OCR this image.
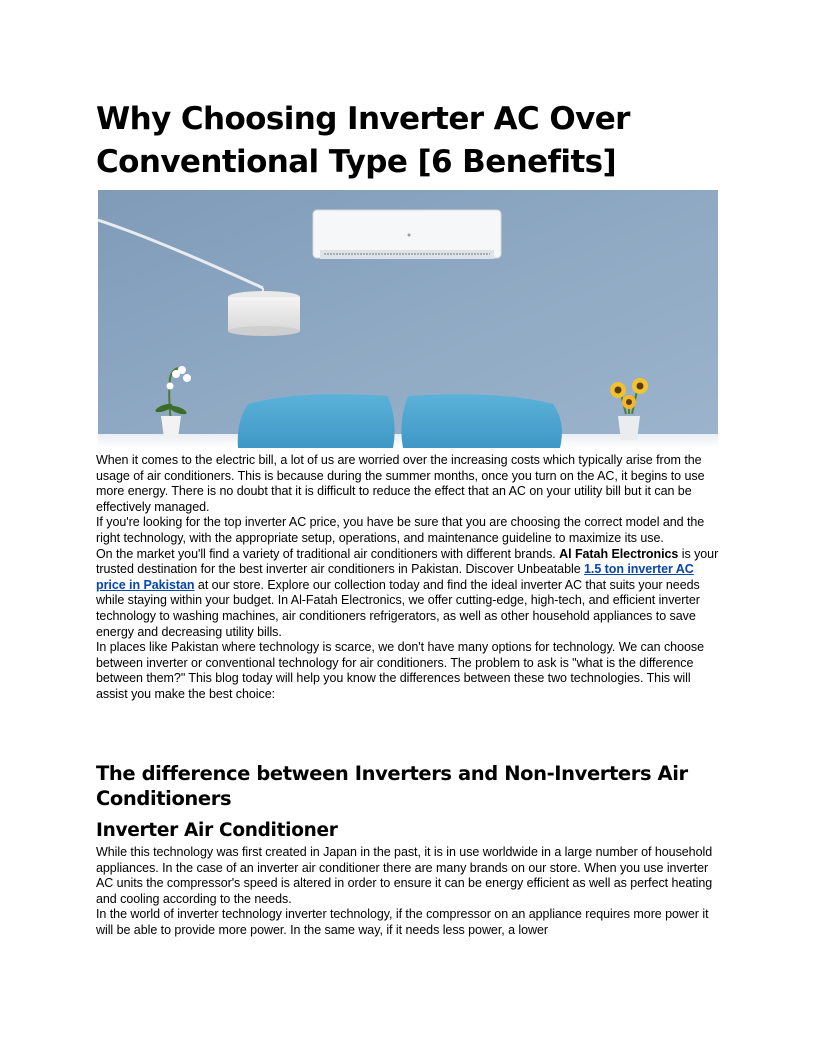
Why Choosing Inverter AC Over Conventional Type [6 Benefits]

When it comes to the electric bill, a lot of us are worried over the increasing costs which typically arise from the usage of air conditioners. This is because during the summer months, once you turn on the AC, it begins to use more energy. There is no doubt that it is difficult to reduce the effect that an AC on your utility bill but it can be effectively managed.

If you're looking for the top inverter AC price, you have be sure that you are choosing the correct model and the right technology, with the appropriate setup, operations, and maintenance guideline to maximize its use.

On the market you'll find a variety of traditional air conditioners with different brands. Al Fatah Electronics is your trusted destination for the best inverter air conditioners in Pakistan. Discover Unbeatable 1.5 ton inverter AC price in Pakistan at our store. Explore our collection today and find the ideal inverter AC that suits your needs while staying within your budget. In Al-Fatah Electronics, we offer cutting-edge, high-tech, and efficient inverter technology to washing machines, air conditioners refrigerators, as well as other household appliances to save energy and decreasing utility bills.

In places like Pakistan where technology is scarce, we don't have many options for technology. We can choose between inverter or conventional technology for air conditioners. The problem to ask is "what is the difference between them?" This blog today will help you know the differences between these two technologies. This will assist you make the best choice:

The difference between Inverters and Non-Inverters Air Conditioners
Inverter Air Conditioner

While this technology was first created in Japan in the past, it is in use worldwide in a large number of household appliances. In the case of an inverter air conditioner there are many brands on our store. When you use inverter AC units the compressor's speed is altered in order to ensure it can be energy efficient as well as perfect heating and cooling according to the needs.

In the world of inverter technology inverter technology, if the compressor on an appliance requires more power it will be able to provide more power. In the same way, if it needs less power, a lower
